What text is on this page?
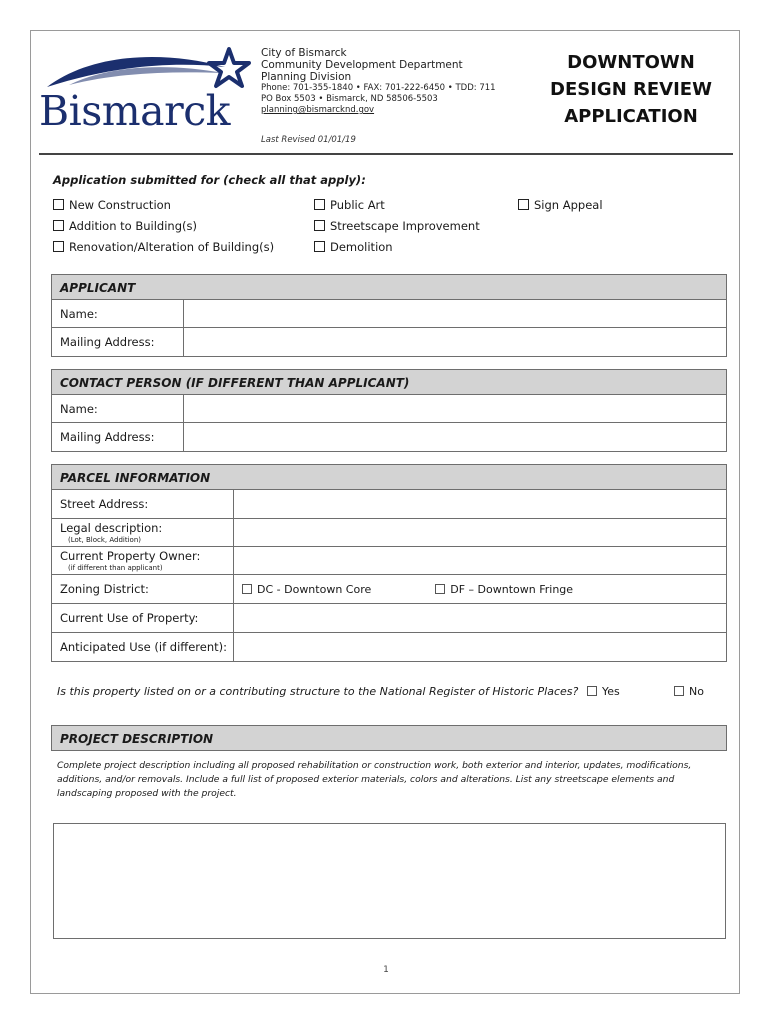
Bismarck
City of Bismarck
Community Development Department
Planning Division
Phone: 701-355-1840 • FAX: 701-222-6450 • TDD: 711
PO Box 5503 • Bismarck, ND 58506-5503
planning@bismarcknd.gov
Last Revised 01/01/19
DOWNTOWN
DESIGN REVIEW
APPLICATION
Application submitted for (check all that apply):
New Construction
Addition to Building(s)
Renovation/Alteration of Building(s)
Public Art
Streetscape Improvement
Demolition
Sign Appeal
APPLICANT
Name:
Mailing Address:
CONTACT PERSON (IF DIFFERENT THAN APPLICANT)
Name:
Mailing Address:
PARCEL INFORMATION
Street Address:
Legal description:
(Lot, Block, Addition)
Current Property Owner:
(if different than applicant)
Zoning District:	DC - Downtown Core	DF – Downtown Fringe
Current Use of Property:
Anticipated Use (if different):
Is this property listed on or a contributing structure to the National Register of Historic Places?	Yes	No
PROJECT DESCRIPTION
Complete project description including all proposed rehabilitation or construction work, both exterior and interior, updates, modifications, additions, and/or removals. Include a full list of proposed exterior materials, colors and alterations. List any streetscape elements and landscaping proposed with the project.
1
